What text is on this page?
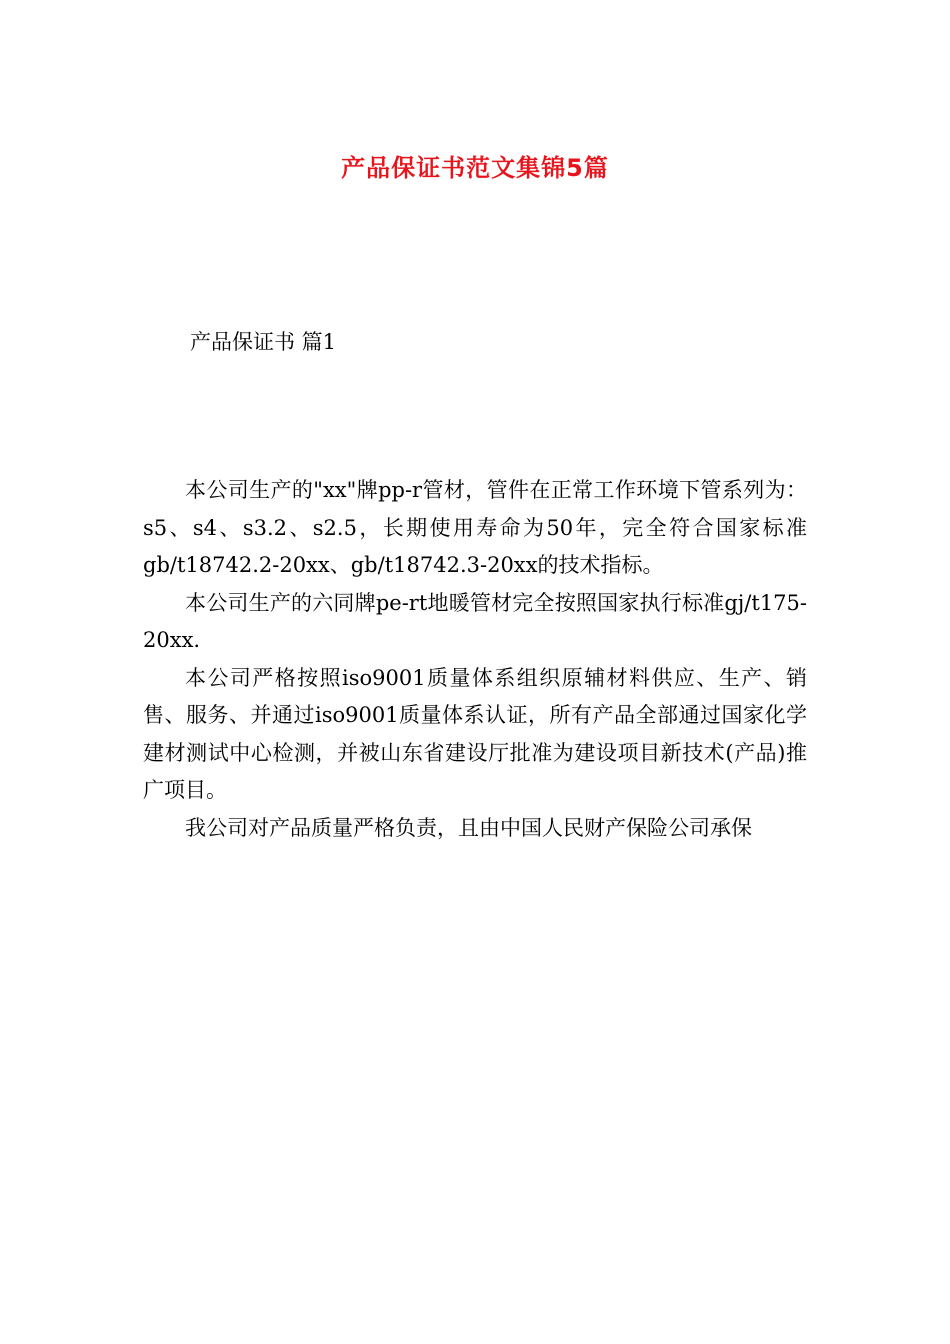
产品保证书范文集锦5篇
产品保证书 篇1

本公司生产的"xx"牌pp-r管材，管件在正常工作环境下管系列为：s5、s4、s3.2、s2.5，长期使用寿命为50年，完全符合国家标准gb/t18742.2-20xx、gb/t18742.3-20xx的技术指标。

本公司生产的六同牌pe-rt地暖管材完全按照国家执行标准gj/t175-20xx.

本公司严格按照iso9001质量体系组织原辅材料供应、生产、销售、服务、并通过iso9001质量体系认证，所有产品全部通过国家化学建材测试中心检测，并被山东省建设厅批准为建设项目新技术(产品)推广项目。

我公司对产品质量严格负责，且由中国人民财产保险公司承保
